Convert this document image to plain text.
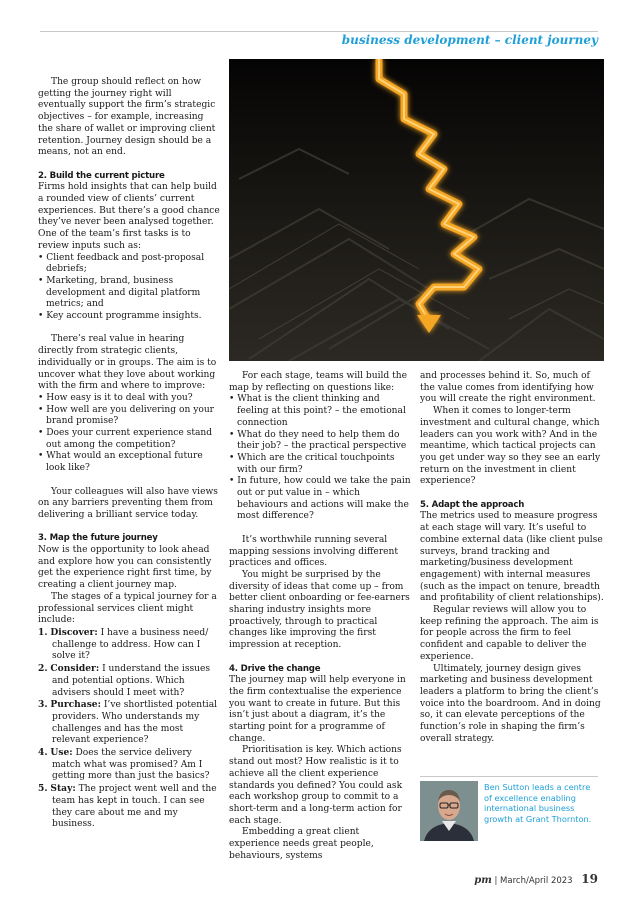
business development – client journey

The group should reflect on how getting the journey right will eventually support the firm’s strategic objectives – for example, increasing the share of wallet or improving client retention. Journey design should be a means, not an end.

2. Build the current picture

Firms hold insights that can help build a rounded view of clients’ current experiences. But there’s a good chance they’ve never been analysed together. One of the team’s first tasks is to review inputs such as:

• Client feedback and post-proposal debriefs;

• Marketing, brand, business development and digital platform metrics; and

• Key account programme insights.

There’s real value in hearing directly from strategic clients, individually or in groups. The aim is to uncover what they love about working with the firm and where to improve:

• How easy is it to deal with you?

• How well are you delivering on your brand promise?

• Does your current experience stand out among the competition?

• What would an exceptional future look like?

Your colleagues will also have views on any barriers preventing them from delivering a brilliant service today.

3. Map the future journey

Now is the opportunity to look ahead and explore how you can consistently get the experience right first time, by creating a client journey map.

The stages of a typical journey for a professional services client might include:

1. Discover: I have a business need/ challenge to address. How can I solve it?

2. Consider: I understand the issues and potential options. Which advisers should I meet with?

3. Purchase: I’ve shortlisted potential providers. Who understands my challenges and has the most relevant experience?

4. Use: Does the service delivery match what was promised? Am I getting more than just the basics?

5. Stay: The project went well and the team has kept in touch. I can see they care about me and my business.

For each stage, teams will build the map by reflecting on questions like:

• What is the client thinking and feeling at this point? – the emotional connection

• What do they need to help them do their job? – the practical perspective

• Which are the critical touchpoints with our firm?

• In future, how could we take the pain out or put value in – which behaviours and actions will make the most difference?

It’s worthwhile running several mapping sessions involving different practices and offices.

You might be surprised by the diversity of ideas that come up – from better client onboarding or fee-earners sharing industry insights more proactively, through to practical changes like improving the first impression at reception.

4. Drive the change

The journey map will help everyone in the firm contextualise the experience you want to create in future. But this isn’t just about a diagram, it’s the starting point for a programme of change.

Prioritisation is key. Which actions stand out most? How realistic is it to achieve all the client experience standards you defined? You could ask each workshop group to commit to a short-term and a long-term action for each stage.

Embedding a great client experience needs great people, behaviours, systems

and processes behind it. So, much of the value comes from identifying how you will create the right environment.

When it comes to longer-term investment and cultural change, which leaders can you work with? And in the meantime, which tactical projects can you get under way so they see an early return on the investment in client experience?

5. Adapt the approach

The metrics used to measure progress at each stage will vary. It’s useful to combine external data (like client pulse surveys, brand tracking and marketing/business development engagement) with internal measures (such as the impact on tenure, breadth and profitability of client relationships).

Regular reviews will allow you to keep refining the approach. The aim is for people across the firm to feel confident and capable to deliver the experience.

Ultimately, journey design gives marketing and business development leaders a platform to bring the client’s voice into the boardroom. And in doing so, it can elevate perceptions of the function’s role in shaping the firm’s overall strategy.

Ben Sutton leads a centre of excellence enabling international business growth at Grant Thornton.
pm | March/April 2023 19
